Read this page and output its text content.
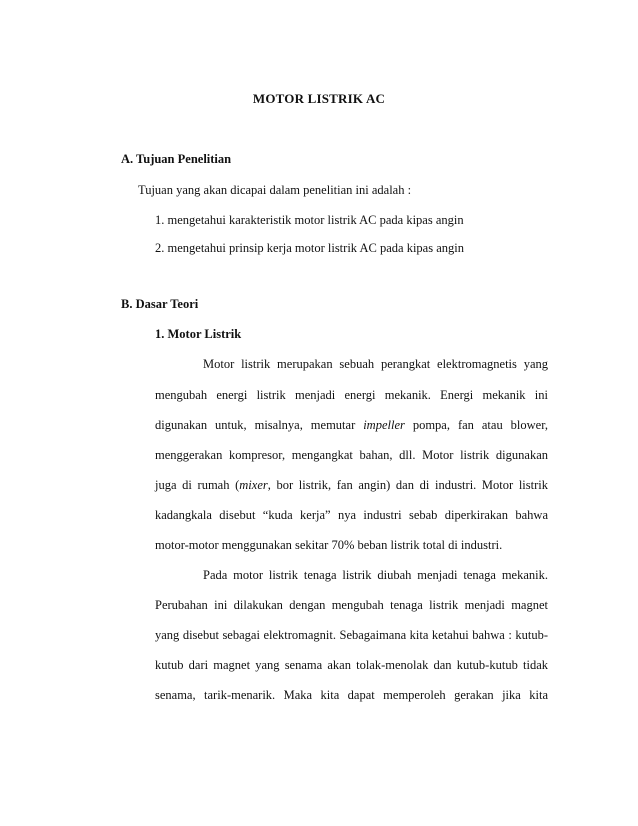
MOTOR LISTRIK AC
A. Tujuan Penelitian
Tujuan yang akan dicapai dalam penelitian ini adalah :
1. mengetahui karakteristik motor listrik AC pada kipas angin
2. mengetahui prinsip kerja motor listrik AC pada kipas angin
B. Dasar Teori
1. Motor Listrik
Motor listrik merupakan sebuah perangkat elektromagnetis yang
mengubah energi listrik menjadi energi mekanik. Energi mekanik ini
digunakan untuk, misalnya, memutar impeller pompa, fan atau blower,
menggerakan kompresor, mengangkat bahan, dll. Motor listrik digunakan
juga di rumah (mixer, bor listrik, fan angin) dan di industri. Motor listrik
kadangkala disebut “kuda kerja” nya industri sebab diperkirakan bahwa
motor-motor menggunakan sekitar 70% beban listrik total di industri.
Pada motor listrik tenaga listrik diubah menjadi tenaga mekanik.
Perubahan ini dilakukan dengan mengubah tenaga listrik menjadi magnet
yang disebut sebagai elektromagnit. Sebagaimana kita ketahui bahwa : kutub-
kutub dari magnet yang senama akan tolak-menolak dan kutub-kutub tidak
senama, tarik-menarik. Maka kita dapat memperoleh gerakan jika kita
